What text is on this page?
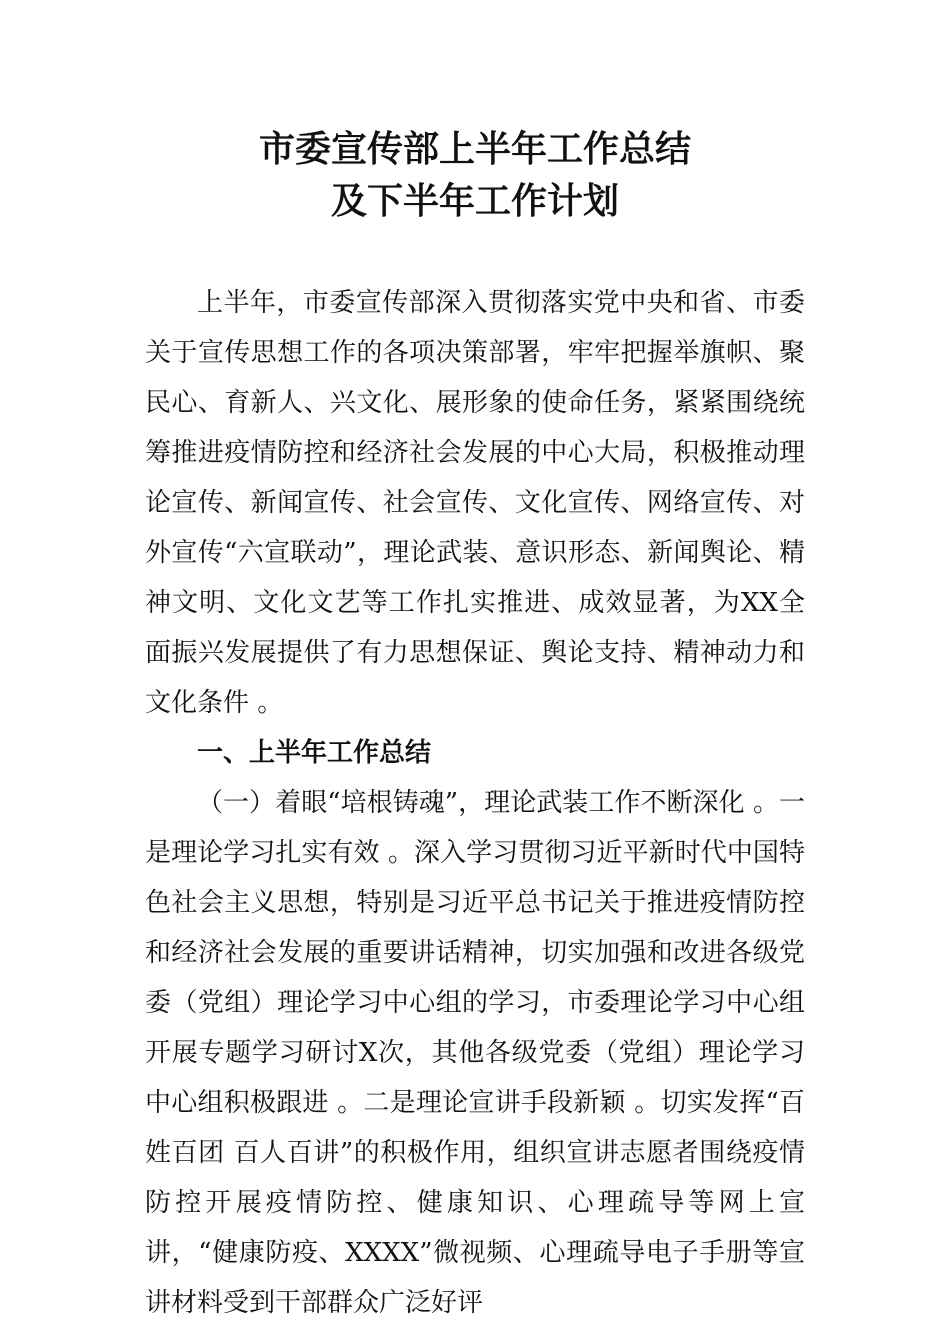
市委宣传部上半年工作总结
及下半年工作计划

上半年，市委宣传部深入贯彻落实党中央和省、市委关于宣传思想工作的各项决策部署，牢牢把握举旗帜、聚民心、育新人、兴文化、展形象的使命任务，紧紧围绕统筹推进疫情防控和经济社会发展的中心大局，积极推动理论宣传、新闻宣传、社会宣传、文化宣传、网络宣传、对外宣传“六宣联动”，理论武装、意识形态、新闻舆论、精神文明、文化文艺等工作扎实推进、成效显著，为XX全面振兴发展提供了有力思想保证、舆论支持、精神动力和文化条件 。

一、上半年工作总结

（一）着眼“培根铸魂”，理论武装工作不断深化 。一是理论学习扎实有效 。深入学习贯彻习近平新时代中国特色社会主义思想，特别是习近平总书记关于推进疫情防控和经济社会发展的重要讲话精神，切实加强和改进各级党委（党组）理论学习中心组的学习，市委理论学习中心组开展专题学习研讨X次，其他各级党委（党组）理论学习中心组积极跟进 。二是理论宣讲手段新颖 。切实发挥“百姓百团 百人百讲”的积极作用，组织宣讲志愿者围绕疫情防控开展疫情防控、健康知识、心理疏导等网上宣讲，“健康防疫、XXXX”微视频、心理疏导电子手册等宣讲材料受到干部群众广泛好评
